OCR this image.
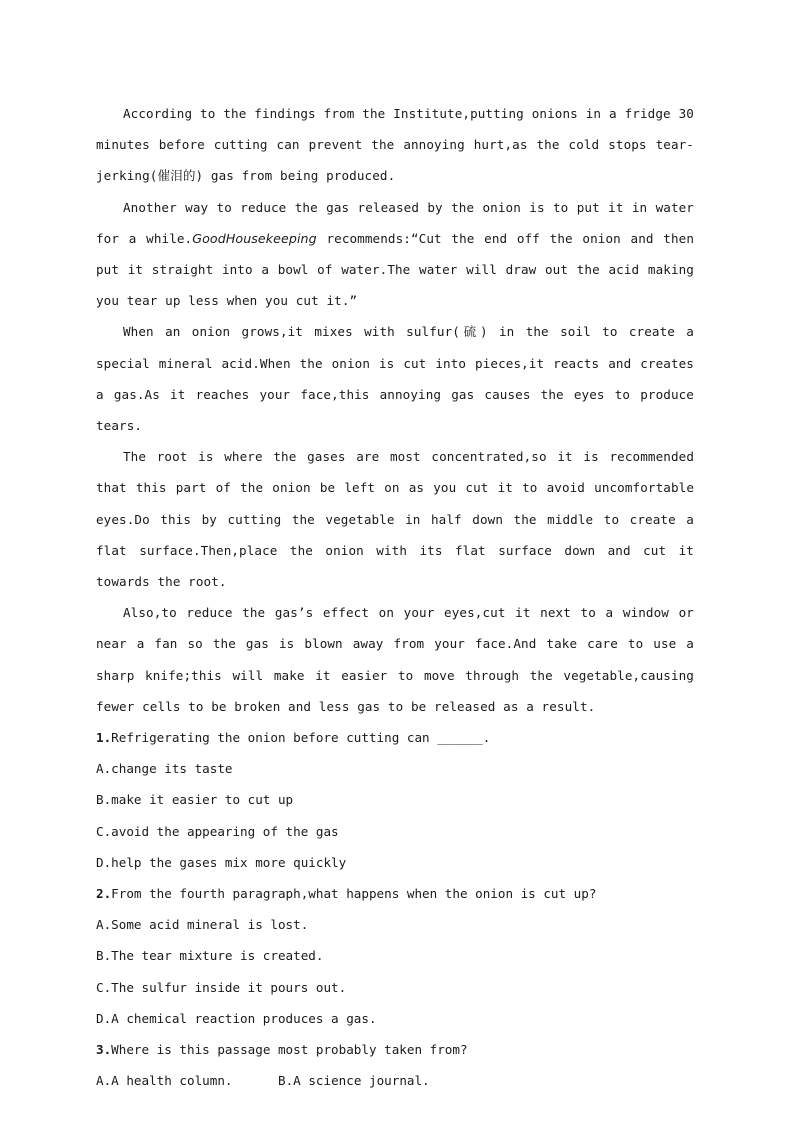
According to the findings from the Institute,putting onions in a fridge 30 minutes before cutting can prevent the annoying hurt,as the cold stops tear-jerking(催泪的) gas from being produced.

Another way to reduce the gas released by the onion is to put it in water for a while.GoodHousekeeping recommends:“Cut the end off the onion and then put it straight into a bowl of water.The water will draw out the acid making you tear up less when you cut it.”

When an onion grows,it mixes with sulfur(硫) in the soil to create a special mineral acid.When the onion is cut into pieces,it reacts and creates a gas.As it reaches your face,this annoying gas causes the eyes to produce tears.

The root is where the gases are most concentrated,so it is recommended that this part of the onion be left on as you cut it to avoid uncomfortable eyes.Do this by cutting the vegetable in half down the middle to create a flat surface.Then,place the onion with its flat surface down and cut it towards the root.

Also,to reduce the gas’s effect on your eyes,cut it next to a window or near a fan so the gas is blown away from your face.And take care to use a sharp knife;this will make it easier to move through the vegetable,causing fewer cells to be broken and less gas to be released as a result.

1.Refrigerating the onion before cutting can ______.

A.change its taste

B.make it easier to cut up

C.avoid the appearing of the gas

D.help the gases mix more quickly

2.From the fourth paragraph,what happens when the onion is cut up?

A.Some acid mineral is lost.

B.The tear mixture is created.

C.The sulfur inside it pours out.

D.A chemical reaction produces a gas.

3.Where is this passage most probably taken from?

A.A health column.	B.A science journal.
